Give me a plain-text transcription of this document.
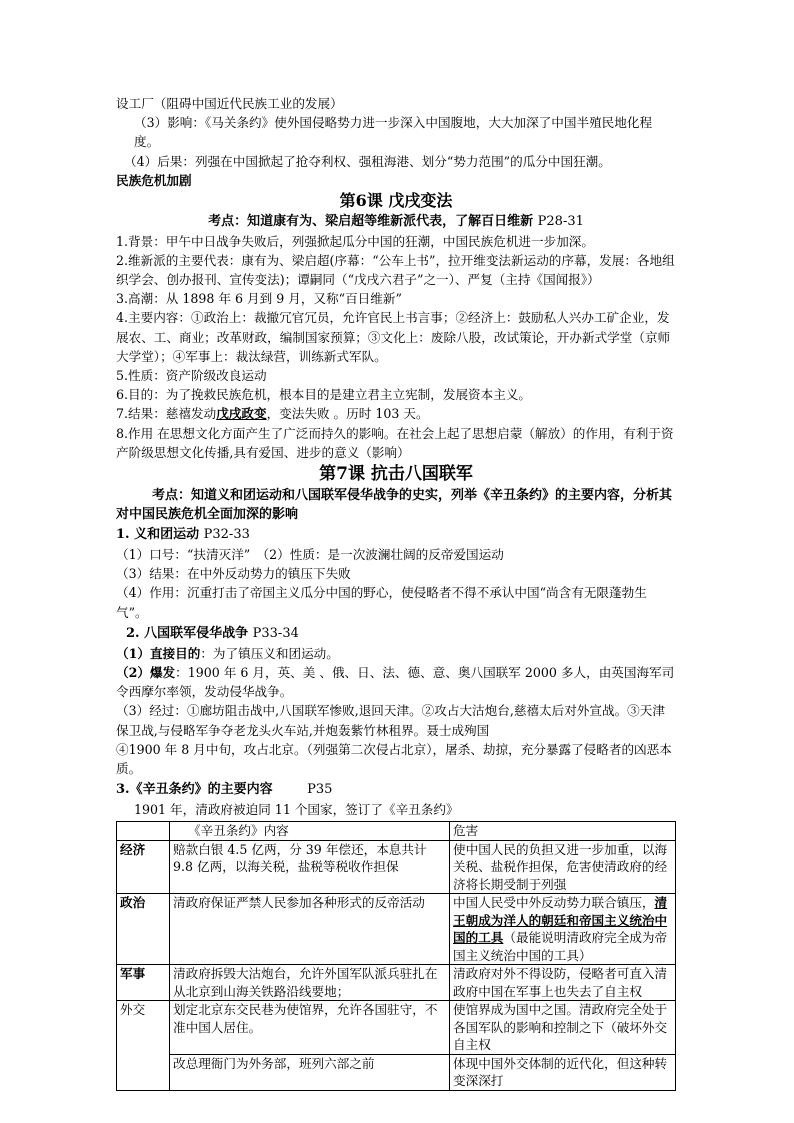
设工厂（阻碍中国近代民族工业的发展）

（3）影响：《马关条约》使外国侵略势力进一步深入中国腹地，大大加深了中国半殖民地化程度。

（4）后果：列强在中国掀起了抢夺利权、强租海港、划分“势力范围”的瓜分中国狂潮。

民族危机加剧

第6课 戊戌变法

考点：知道康有为、梁启超等维新派代表，了解百日维新 P28-31

1.背景：甲午中日战争失败后，列强掀起瓜分中国的狂潮，中国民族危机进一步加深。

2.维新派的主要代表：康有为、梁启超(序幕：“公车上书”，拉开维变法新运动的序幕，发展：各地组织学会、创办报刊、宣传变法)；谭嗣同（“戊戌六君子”之一）、严复（主持《国闻报》）

3.高潮：从 1898 年 6 月到 9 月，又称“百日维新”

4.主要内容：①政治上：裁撤冗官冗员，允许官民上书言事；②经济上：鼓励私人兴办工矿企业，发展农、工、商业；改革财政，编制国家预算；③文化上：废除八股，改试策论，开办新式学堂（京师大学堂）；④军事上：裁汰绿营，训练新式军队。

5.性质：资产阶级改良运动

6.目的：为了挽救民族危机，根本目的是建立君主立宪制，发展资本主义。

7.结果：慈禧发动戊戌政变，变法失败 。历时 103 天。

8.作用 在思想文化方面产生了广泛而持久的影响。在社会上起了思想启蒙（解放）的作用，有利于资产阶级思想文化传播,具有爱国、进步的意义（影响）

第7课 抗击八国联军

考点：知道义和团运动和八国联军侵华战争的史实，列举《辛丑条约》的主要内容，分析其对中国民族危机全面加深的影响

1. 义和团运动 P32-33

（1）口号：“扶清灭洋”　（2）性质：是一次波澜壮阔的反帝爱国运动

（3）结果：在中外反动势力的镇压下失败

（4）作用：沉重打击了帝国主义瓜分中国的野心，使侵略者不得不承认中国“尚含有无限蓬勃生气”。

2. 八国联军侵华战争 P33-34

（1）直接目的：为了镇压义和团运动。

（2）爆发：1900 年 6 月，英、美 、俄、日、法、德、意、奥八国联军 2000 多人，由英国海军司令西摩尔率领，发动侵华战争。

（3）经过：①廊坊阻击战中,八国联军惨败,退回天津。②攻占大沽炮台,慈禧太后对外宣战。③天津保卫战,与侵略军争夺老龙头火车站,并炮轰紫竹林租界。聂士成殉国

④1900 年 8 月中旬，攻占北京。（列强第二次侵占北京），屠杀、劫掠，充分暴露了侵略者的凶恶本质。

3.《辛丑条约》的主要内容	P35

1901 年，清政府被迫同 11 个国家，签订了《辛丑条约》

	《辛丑条约》内容	危害
经济	赔款白银 4.5 亿两，分 39 年偿还，本息共计 9.8 亿两，以海关税，盐税等税收作担保	使中国人民的负担又进一步加重，以海关税、盐税作担保，危害使清政府的经济将长期受制于列强
政治	清政府保证严禁人民参加各种形式的反帝活动	中国人民受中外反动势力联合镇压，清王朝成为洋人的朝廷和帝国主义统治中国的工具（最能说明清政府完全成为帝国主义统治中国的工具）
军事	清政府拆毁大沽炮台，允许外国军队派兵驻扎在从北京到山海关铁路沿线要地；	清政府对外不得设防，侵略者可直入清政府中国在军事上也失去了自主权
外交	划定北京东交民巷为使馆界，允许各国驻守，不准中国人居住。	使馆界成为国中之国。清政府完全处于各国军队的影响和控制之下（破坏外交自主权
	改总理衙门为外务部，班列六部之前	体现中国外交体制的近代化，但这种转变深深打
